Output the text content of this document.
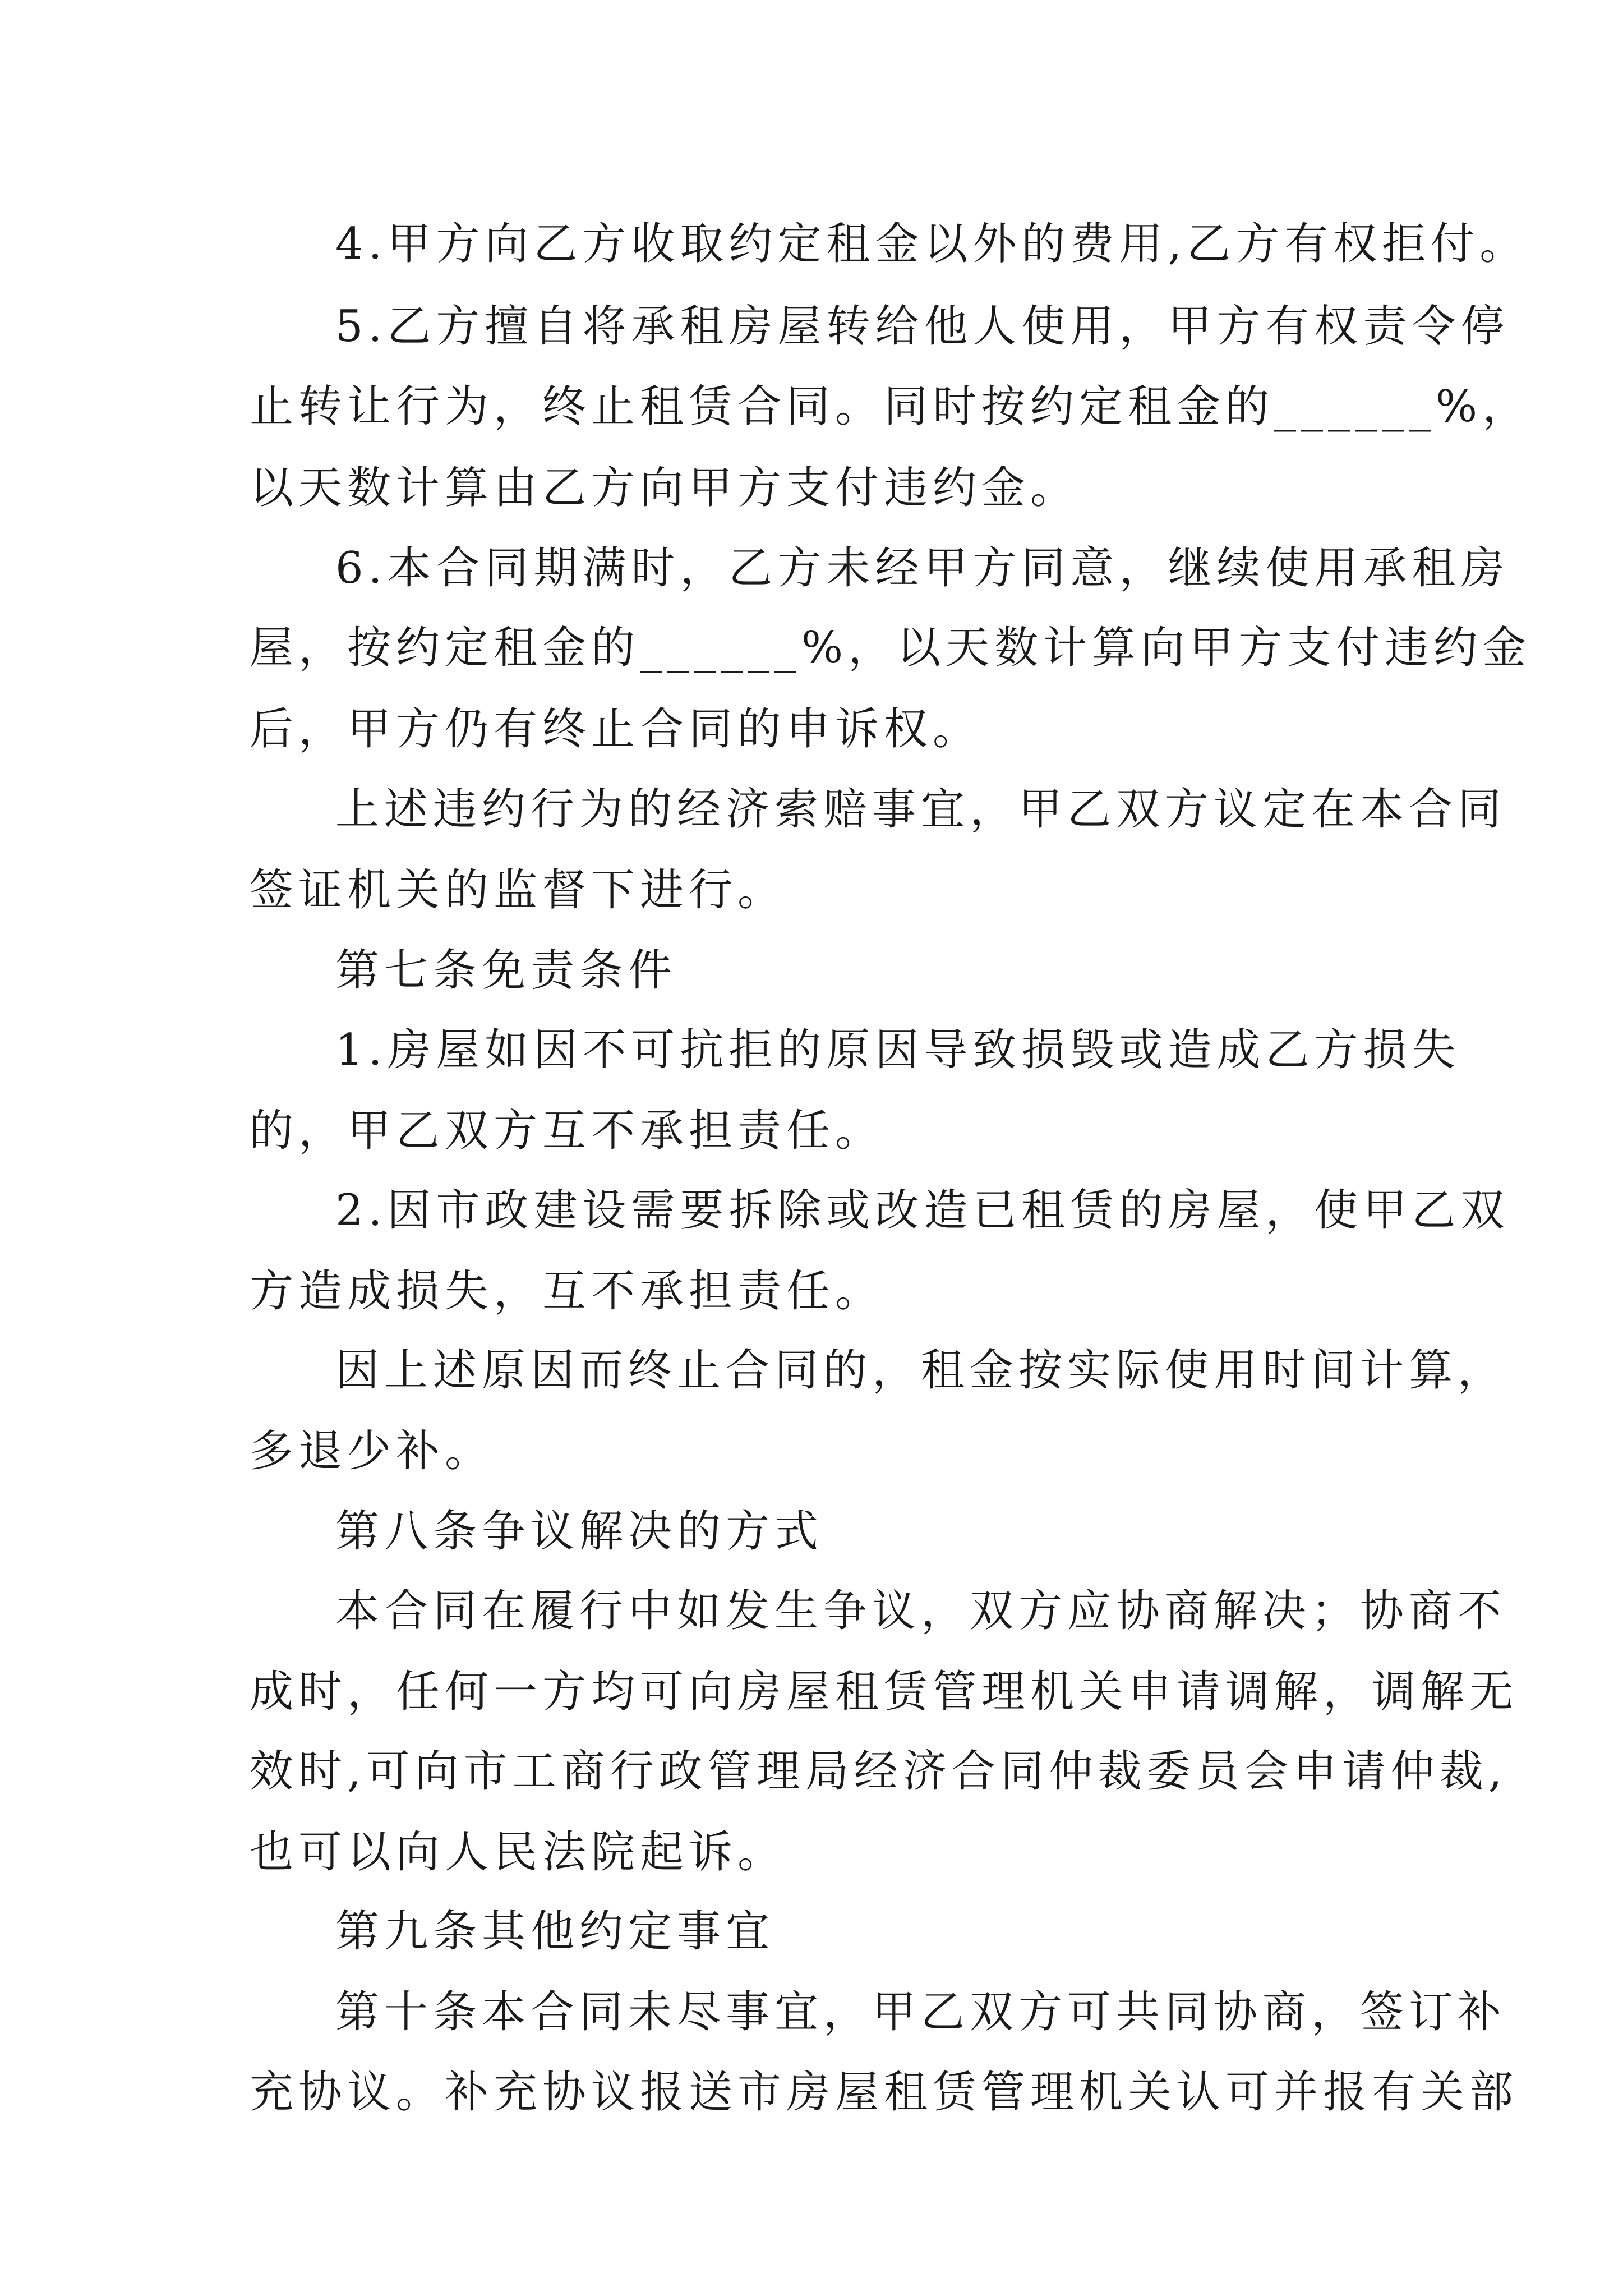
4.甲方向乙方收取约定租金以外的费用,乙方有权拒付。
5.乙方擅自将承租房屋转给他人使用，甲方有权责令停
止转让行为，终止租赁合同。同时按约定租金的______%，
以天数计算由乙方向甲方支付违约金。
6.本合同期满时，乙方未经甲方同意，继续使用承租房
屋，按约定租金的______%，以天数计算向甲方支付违约金
后，甲方仍有终止合同的申诉权。
上述违约行为的经济索赔事宜，甲乙双方议定在本合同
签证机关的监督下进行。
第七条免责条件
1.房屋如因不可抗拒的原因导致损毁或造成乙方损失
的，甲乙双方互不承担责任。
2.因市政建设需要拆除或改造已租赁的房屋，使甲乙双
方造成损失，互不承担责任。
因上述原因而终止合同的，租金按实际使用时间计算，
多退少补。
第八条争议解决的方式
本合同在履行中如发生争议，双方应协商解决；协商不
成时，任何一方均可向房屋租赁管理机关申请调解，调解无
效时,可向市工商行政管理局经济合同仲裁委员会申请仲裁,
也可以向人民法院起诉。
第九条其他约定事宜
第十条本合同未尽事宜，甲乙双方可共同协商，签订补
充协议。补充协议报送市房屋租赁管理机关认可并报有关部
